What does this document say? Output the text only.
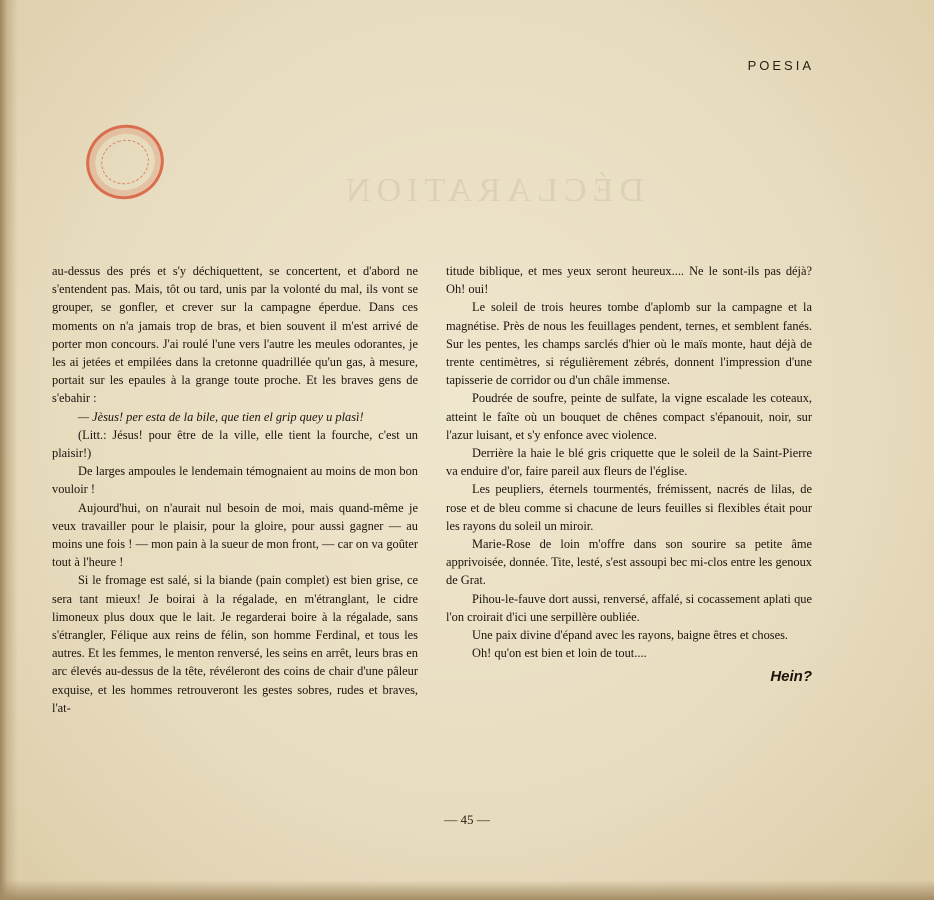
POESIA
DÉCLARATION

au-dessus des prés et s'y déchiquettent, se concertent, et d'abord ne s'entendent pas. Mais, tôt ou tard, unis par la volonté du mal, ils vont se grouper, se gonfler, et crever sur la campagne éperdue. Dans ces moments on n'a jamais trop de bras, et bien souvent il m'est arrivé de porter mon concours. J'ai roulé l'une vers l'autre les meules odorantes, je les ai jetées et empilées dans la cretonne quadrillée qu'un gas, à mesure, portait sur les epaules à la grange toute proche. Et les braves gens de s'ebahir :

— Jèsus! per esta de la bile, que tien el grip quey u plasì!

(Litt.: Jésus! pour être de la ville, elle tient la fourche, c'est un plaisir!)

De larges ampoules le lendemain témognaient au moins de mon bon vouloir !

Aujourd'hui, on n'aurait nul besoin de moi, mais quand-même je veux travailler pour le plaisir, pour la gloire, pour aussi gagner — au moins une fois ! — mon pain à la sueur de mon front, — car on va goûter tout à l'heure !

Si le fromage est salé, si la biande (pain complet) est bien grise, ce sera tant mieux! Je boirai à la régalade, en m'étranglant, le cidre limoneux plus doux que le lait. Je regarderai boire à la régalade, sans s'étrangler, Félique aux reins de félin, son homme Ferdinal, et tous les autres. Et les femmes, le menton renversé, les seins en arrêt, leurs bras en arc élevés au-dessus de la tête, révéleront des coins de chair d'une pâleur exquise, et les hommes retrouveront les gestes sobres, rudes et braves, l'at-

titude biblique, et mes yeux seront heureux.... Ne le sont-ils pas déjà? Oh! oui!

Le soleil de trois heures tombe d'aplomb sur la campagne et la magnétise. Près de nous les feuillages pendent, ternes, et semblent fanés. Sur les pentes, les champs sarclés d'hier où le maïs monte, haut déjà de trente centimètres, si régulièrement zébrés, donnent l'impression d'une tapisserie de corridor ou d'un châle immense.

Poudrée de soufre, peinte de sulfate, la vigne escalade les coteaux, atteint le faîte où un bouquet de chênes compact s'épanouit, noir, sur l'azur luisant, et s'y enfonce avec violence.

Derrière la haie le blé gris criquette que le soleil de la Saint-Pierre va enduire d'or, faire pareil aux fleurs de l'église.

Les peupliers, éternels tourmentés, frémissent, nacrés de lilas, de rose et de bleu comme si chacune de leurs feuilles si flexibles était pour les rayons du soleil un miroir.

Marie-Rose de loin m'offre dans son sourire sa petite âme apprivoisée, donnée. Tite, lesté, s'est assoupi bec mi-clos entre les genoux de Grat.

Pihou-le-fauve dort aussi, renversé, affalé, si cocassement aplati que l'on croirait d'ici une serpillère oubliée.

Une paix divine d'épand avec les rayons, baigne êtres et choses.

Oh! qu'on est bien et loin de tout....

Hein?
— 45 —
